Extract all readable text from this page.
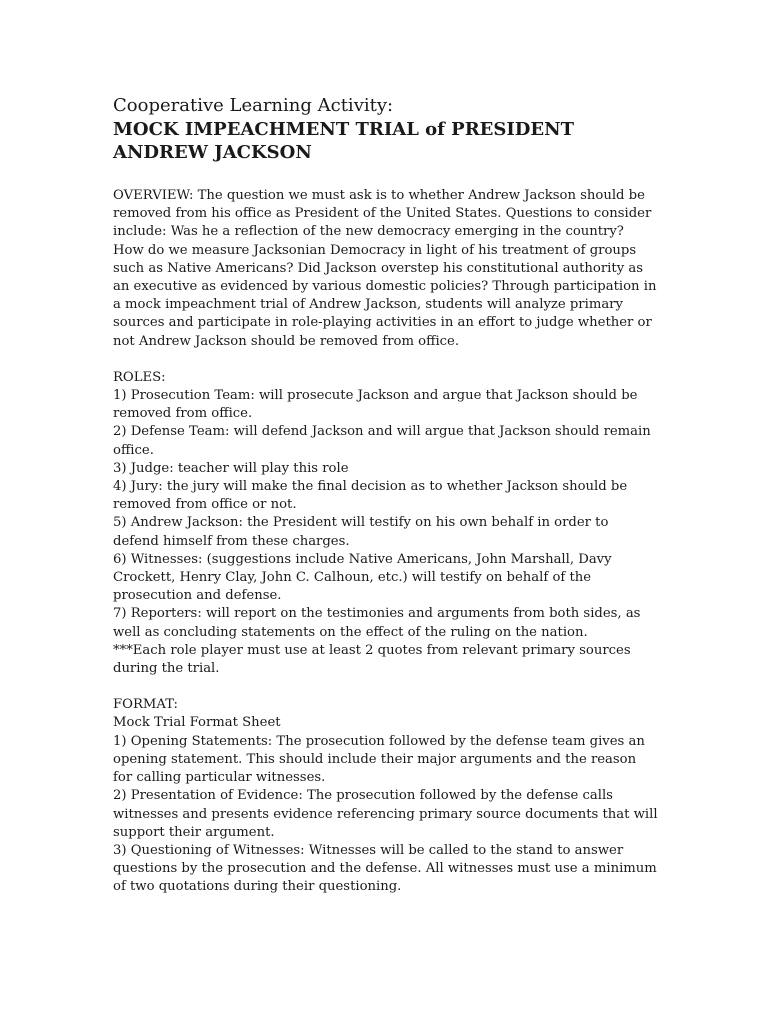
Cooperative Learning Activity:
MOCK IMPEACHMENT TRIAL of PRESIDENT ANDREW JACKSON

OVERVIEW: The question we must ask is to whether Andrew Jackson should be removed from his office as President of the United States. Questions to consider include: Was he a reflection of the new democracy emerging in the country? How do we measure Jacksonian Democracy in light of his treatment of groups such as Native Americans? Did Jackson overstep his constitutional authority as an executive as evidenced by various domestic policies? Through participation in a mock impeachment trial of Andrew Jackson, students will analyze primary sources and participate in role-playing activities in an effort to judge whether or not Andrew Jackson should be removed from office.

ROLES:

1) Prosecution Team: will prosecute Jackson and argue that Jackson should be removed from office.

2) Defense Team: will defend Jackson and will argue that Jackson should remain office.

3) Judge: teacher will play this role

4) Jury: the jury will make the final decision as to whether Jackson should be removed from office or not.

5) Andrew Jackson: the President will testify on his own behalf in order to defend himself from these charges.

6) Witnesses: (suggestions include Native Americans, John Marshall, Davy Crockett, Henry Clay, John C. Calhoun, etc.) will testify on behalf of the prosecution and defense.

7) Reporters: will report on the testimonies and arguments from both sides, as well as concluding statements on the effect of the ruling on the nation.

***Each role player must use at least 2 quotes from relevant primary sources during the trial.

FORMAT:

Mock Trial Format Sheet

1) Opening Statements: The prosecution followed by the defense team gives an opening statement. This should include their major arguments and the reason for calling particular witnesses.

2) Presentation of Evidence: The prosecution followed by the defense calls witnesses and presents evidence referencing primary source documents that will support their argument.

3) Questioning of Witnesses: Witnesses will be called to the stand to answer questions by the prosecution and the defense. All witnesses must use a minimum of two quotations during their questioning.
